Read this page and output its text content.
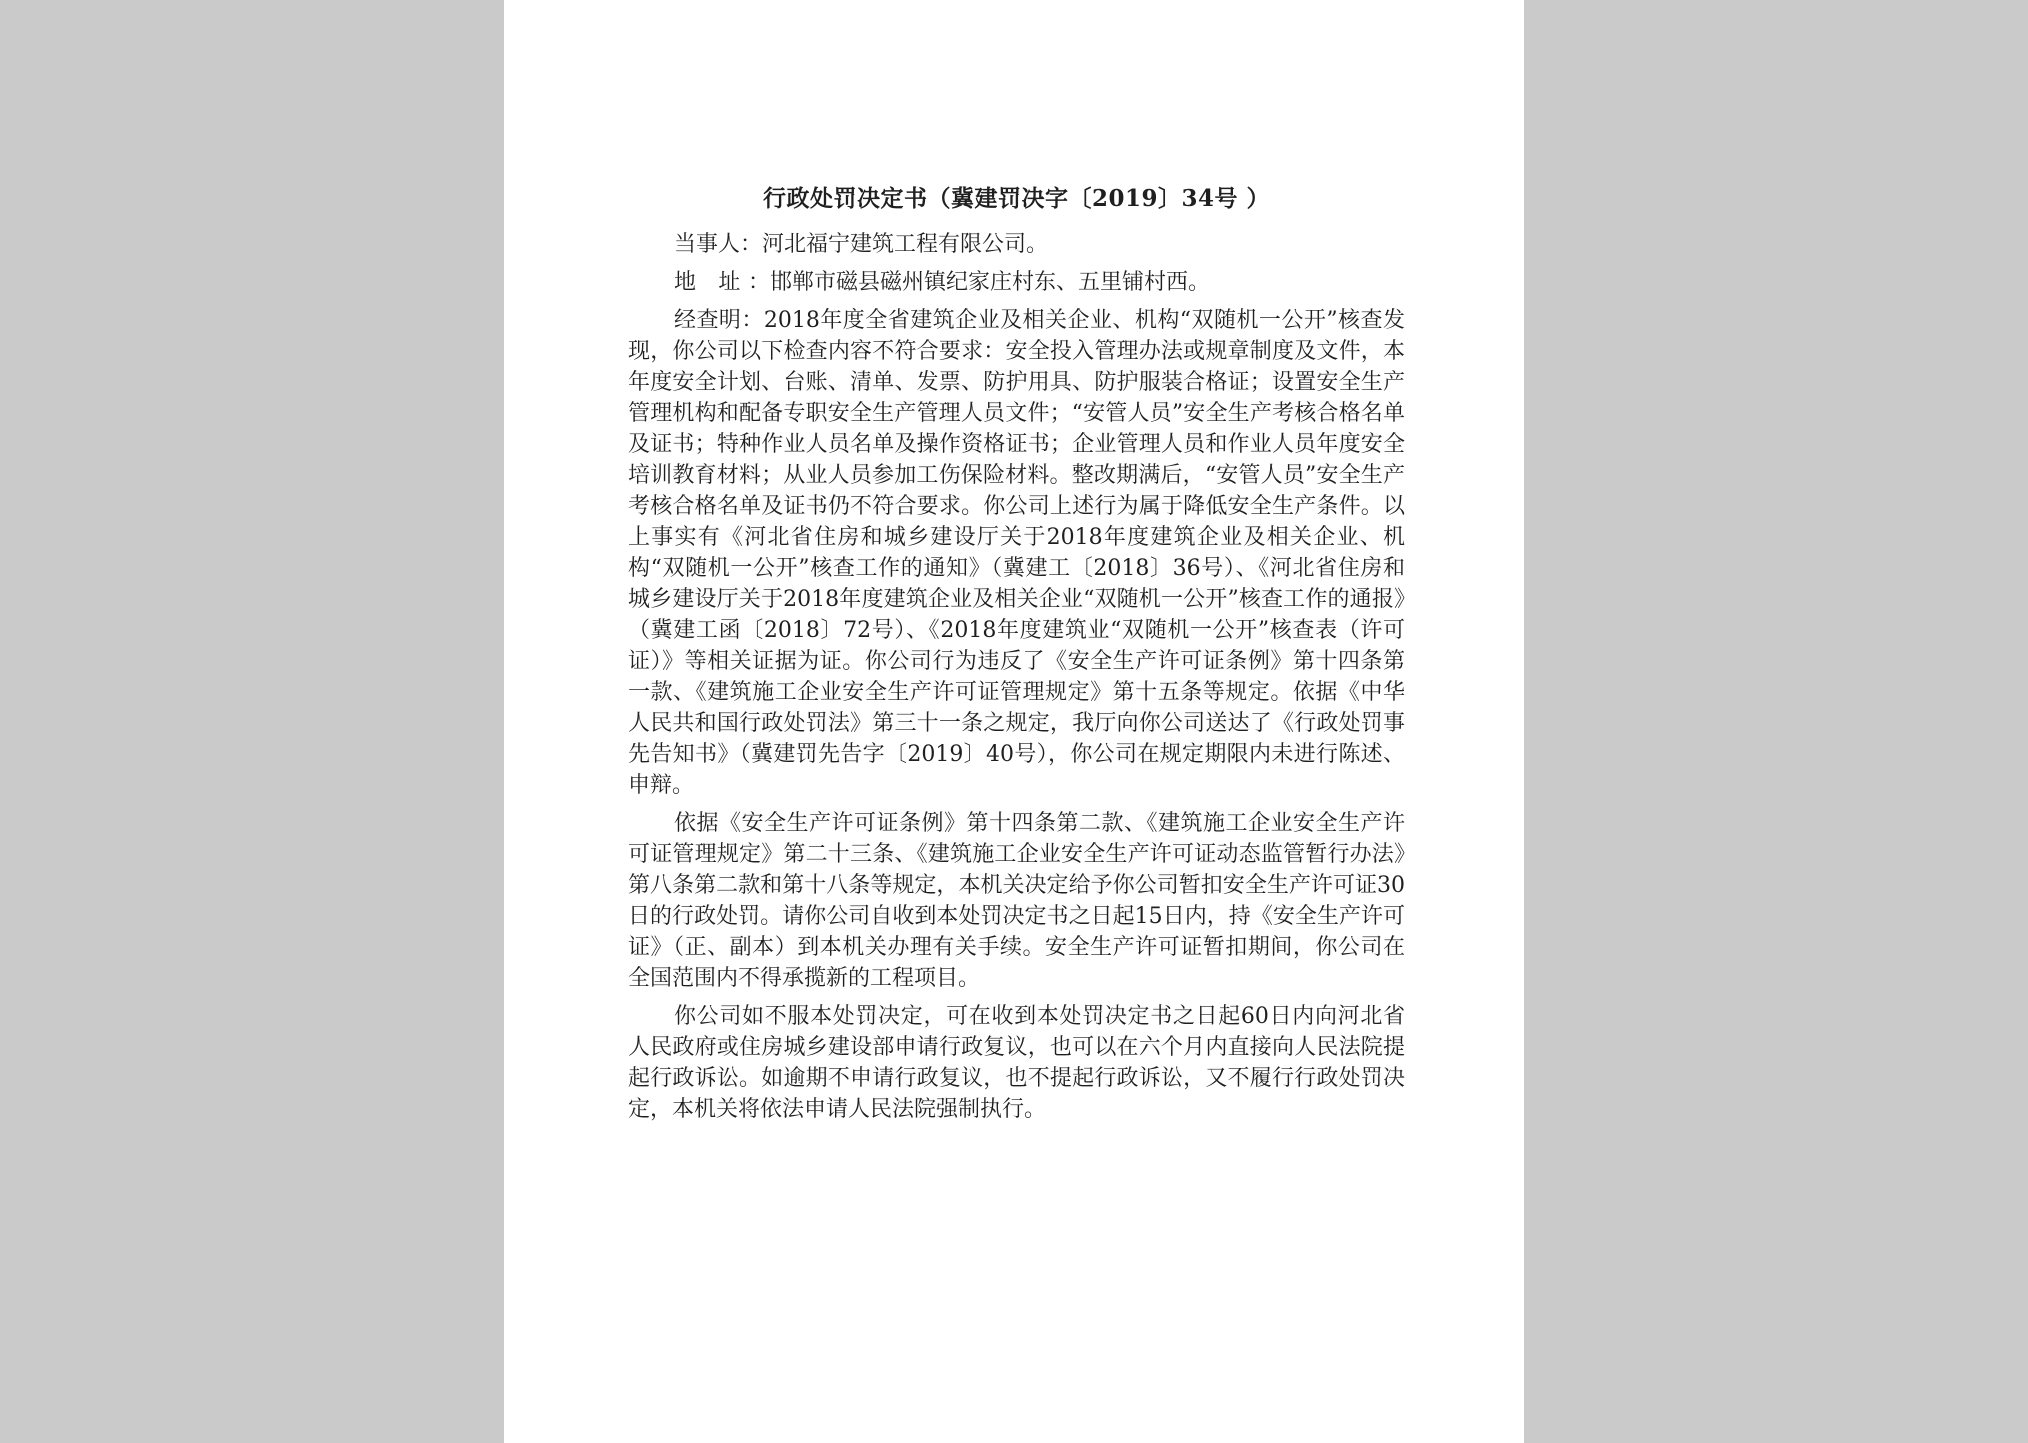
行政处罚决定书（冀建罚决字〔2019〕34号 ）

当事人：河北福宁建筑工程有限公司。

地 址：邯郸市磁县磁州镇纪家庄村东、五里铺村西。

经查明：2018年度全省建筑企业及相关企业、机构“双随机一公开”核查发现，你公司以下检查内容不符合要求：安全投入管理办法或规章制度及文件，本年度安全计划、台账、清单、发票、防护用具、防护服装合格证；设置安全生产管理机构和配备专职安全生产管理人员文件；“安管人员”安全生产考核合格名单及证书；特种作业人员名单及操作资格证书；企业管理人员和作业人员年度安全培训教育材料；从业人员参加工伤保险材料。整改期满后，“安管人员”安全生产考核合格名单及证书仍不符合要求。你公司上述行为属于降低安全生产条件。以上事实有《河北省住房和城乡建设厅关于2018年度建筑企业及相关企业、机构“双随机一公开”核查工作的通知》（冀建工〔2018〕36号）、《河北省住房和城乡建设厅关于2018年度建筑企业及相关企业“双随机一公开”核查工作的通报》（冀建工函〔2018〕72号）、《2018年度建筑业“双随机一公开”核查表（许可证）》等相关证据为证。你公司行为违反了《安全生产许可证条例》第十四条第一款、《建筑施工企业安全生产许可证管理规定》第十五条等规定。依据《中华人民共和国行政处罚法》第三十一条之规定，我厅向你公司送达了《行政处罚事先告知书》（冀建罚先告字〔2019〕40号），你公司在规定期限内未进行陈述、申辩。

依据《安全生产许可证条例》第十四条第二款、《建筑施工企业安全生产许可证管理规定》第二十三条、《建筑施工企业安全生产许可证动态监管暂行办法》第八条第二款和第十八条等规定，本机关决定给予你公司暂扣安全生产许可证30日的行政处罚。请你公司自收到本处罚决定书之日起15日内，持《安全生产许可证》（正、副本）到本机关办理有关手续。安全生产许可证暂扣期间，你公司在全国范围内不得承揽新的工程项目。

你公司如不服本处罚决定，可在收到本处罚决定书之日起60日内向河北省人民政府或住房城乡建设部申请行政复议，也可以在六个月内直接向人民法院提起行政诉讼。如逾期不申请行政复议，也不提起行政诉讼，又不履行行政处罚决定，本机关将依法申请人民法院强制执行。
